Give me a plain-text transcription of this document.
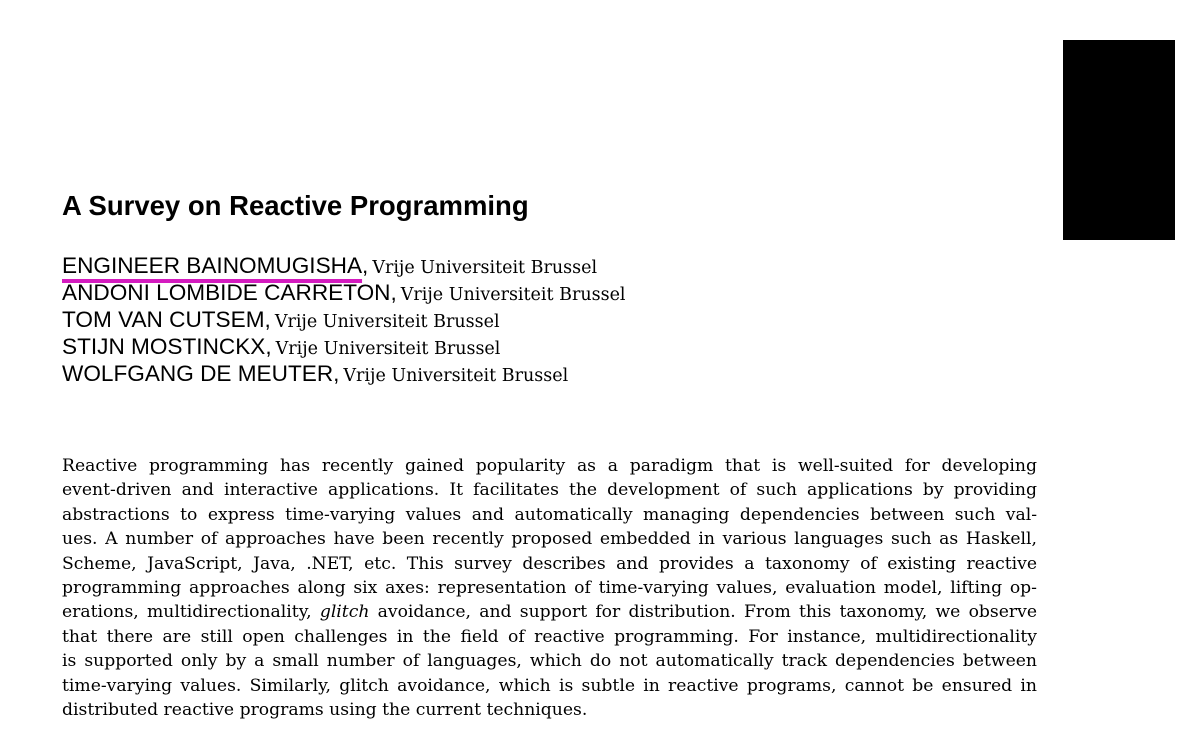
A Survey on Reactive Programming
ENGINEER BAINOMUGISHA, Vrije Universiteit Brussel
ANDONI LOMBIDE CARRETON, Vrije Universiteit Brussel
TOM VAN CUTSEM, Vrije Universiteit Brussel
STIJN MOSTINCKX, Vrije Universiteit Brussel
WOLFGANG DE MEUTER, Vrije Universiteit Brussel
Reactive programming has recently gained popularity as a paradigm that is well-suited for developing
event-driven and interactive applications. It facilitates the development of such applications by providing
abstractions to express time-varying values and automatically managing dependencies between such val-
ues. A number of approaches have been recently proposed embedded in various languages such as Haskell,
Scheme, JavaScript, Java, .NET, etc. This survey describes and provides a taxonomy of existing reactive
programming approaches along six axes: representation of time-varying values, evaluation model, lifting op-
erations, multidirectionality, glitch avoidance, and support for distribution. From this taxonomy, we observe
that there are still open challenges in the field of reactive programming. For instance, multidirectionality
is supported only by a small number of languages, which do not automatically track dependencies between
time-varying values. Similarly, glitch avoidance, which is subtle in reactive programs, cannot be ensured in
distributed reactive programs using the current techniques.
